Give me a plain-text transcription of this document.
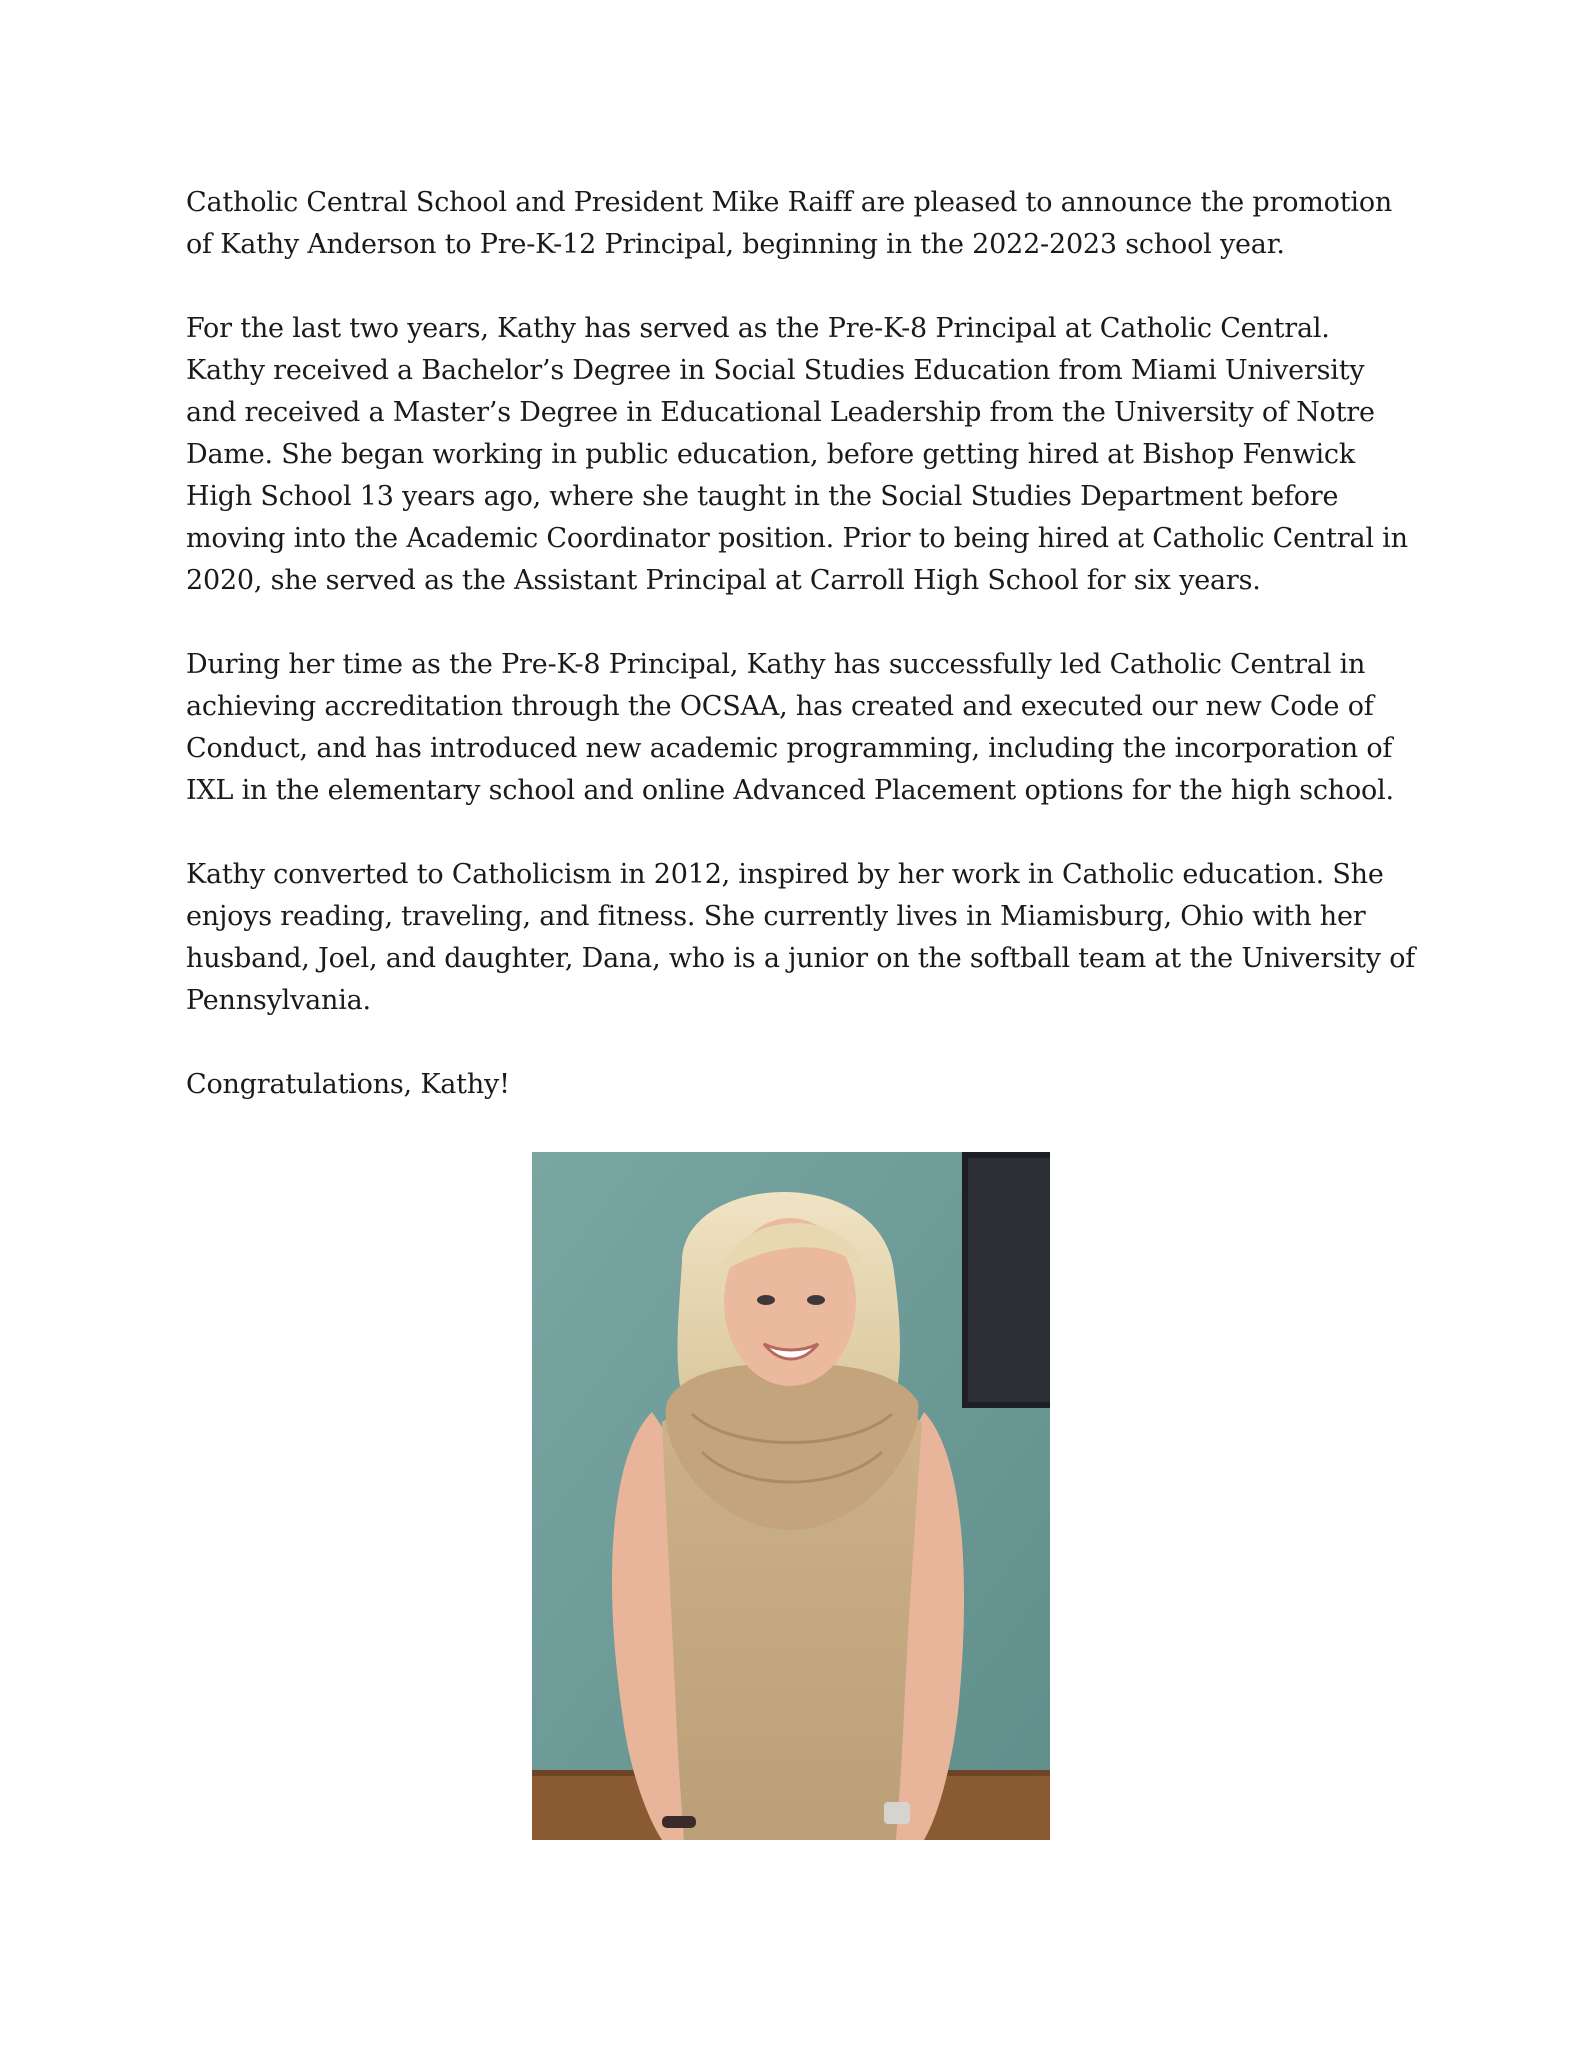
Catholic Central School and President Mike Raiff are pleased to announce the promotion of Kathy Anderson to Pre-K-12 Principal, beginning in the 2022-2023 school year.

For the last two years, Kathy has served as the Pre-K-8 Principal at Catholic Central. Kathy received a Bachelor’s Degree in Social Studies Education from Miami University and received a Master’s Degree in Educational Leadership from the University of Notre Dame. She began working in public education, before getting hired at Bishop Fenwick High School 13 years ago, where she taught in the Social Studies Department before moving into the Academic Coordinator position. Prior to being hired at Catholic Central in 2020, she served as the Assistant Principal at Carroll High School for six years.

During her time as the Pre-K-8 Principal, Kathy has successfully led Catholic Central in achieving accreditation through the OCSAA, has created and executed our new Code of Conduct, and has introduced new academic programming, including the incorporation of IXL in the elementary school and online Advanced Placement options for the high school.

Kathy converted to Catholicism in 2012, inspired by her work in Catholic education. She enjoys reading, traveling, and fitness. She currently lives in Miamisburg, Ohio with her husband, Joel, and daughter, Dana, who is a junior on the softball team at the University of Pennsylvania.

Congratulations, Kathy!
